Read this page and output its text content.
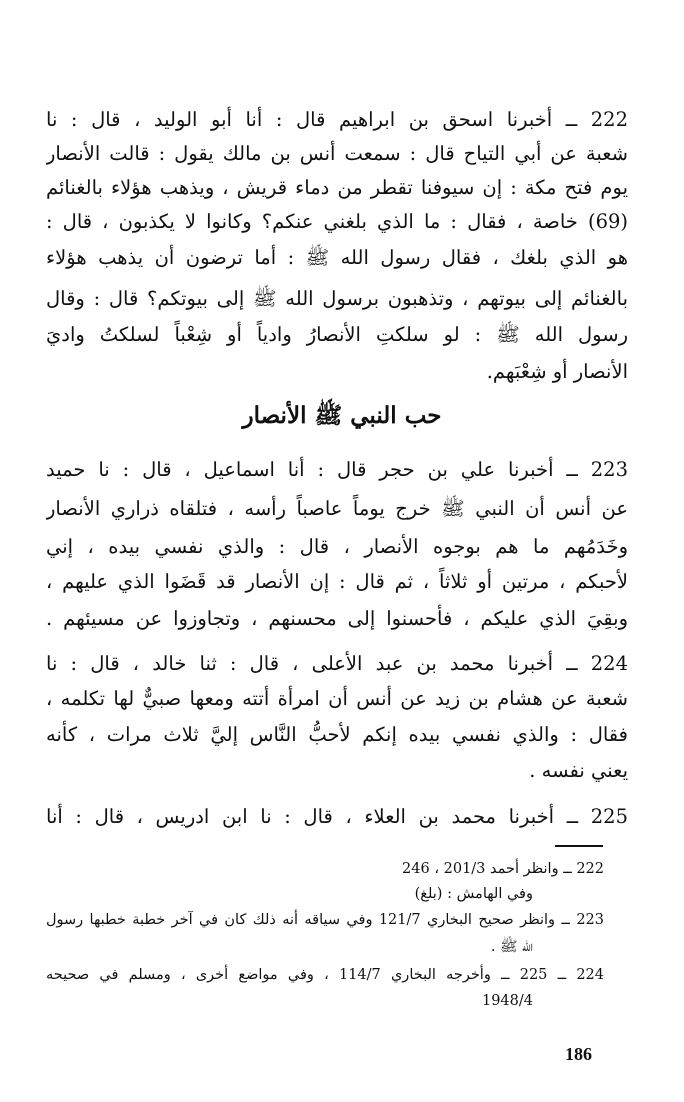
222 ــ أخبرنا اسحق بن ابراهيم قال : أنا أبو الوليد ، قال : نا
شعبة عن أبي التياح قال : سمعت أنس بن مالك يقول : قالت الأنصار
يوم فتح مكة : إن سيوفنا تقطر من دماء قريش ، ويذهب هؤلاء بالغنائم
(69) خاصة ، فقال : ما الذي بلغني عنكم؟ وكانوا لا يكذبون ، قال :
هو الذي بلغك ، فقال رسول الله ﷺ : أما ترضون أن يذهب هؤلاء
بالغنائم إلى بيوتهم ، وتذهبون برسول الله ﷺ إلى بيوتكم؟ قال : وقال
رسول الله ﷺ : لو سلكتِ الأنصارُ وادياً أو شِعْباً لسلكتُ واديَ
الأنصار أو شِعْبَهم.
حب النبي ﷺ الأنصار
223 ــ أخبرنا علي بن حجر قال : أنا اسماعيل ، قال : نا حميد
عن أنس أن النبي ﷺ خرج يوماً عاصباً رأسه ، فتلقاه ذراري الأنصار
وخَدَمُهم ما هم بوجوه الأنصار ، قال : والذي نفسي بيده ، إني
لأحبكم ، مرتين أو ثلاثاً ، ثم قال : إن الأنصار قد قَضَوا الذي عليهم ،
وبقِيَ الذي عليكم ، فأحسنوا إلى محسنهم ، وتجاوزوا عن مسيئهم .
224 ــ أخبرنا محمد بن عبد الأعلى ، قال : ثنا خالد ، قال : نا
شعبة عن هشام بن زيد عن أنس أن امرأة أتته ومعها صبيٌّ لها تكلمه ،
فقال : والذي نفسي بيده إنكم لأحبُّ النَّاس إليَّ ثلاث مرات ، كأنه
يعني نفسه .
225 ــ أخبرنا محمد بن العلاء ، قال : نا ابن ادريس ، قال : أنا
222 ــ وانظر أحمد 201/3 ، 246
وفي الهامش : (بلغ)
223 ــ وانظر صحيح البخاري 121/7 وفي سياقه أنه ذلك كان في آخر خطبة خطبها رسول
الله ﷺ .
224 ــ 225 ــ وأخرجه البخاري 114/7 ، وفي مواضع أخرى ، ومسلم في صحيحه
1948/4
186
